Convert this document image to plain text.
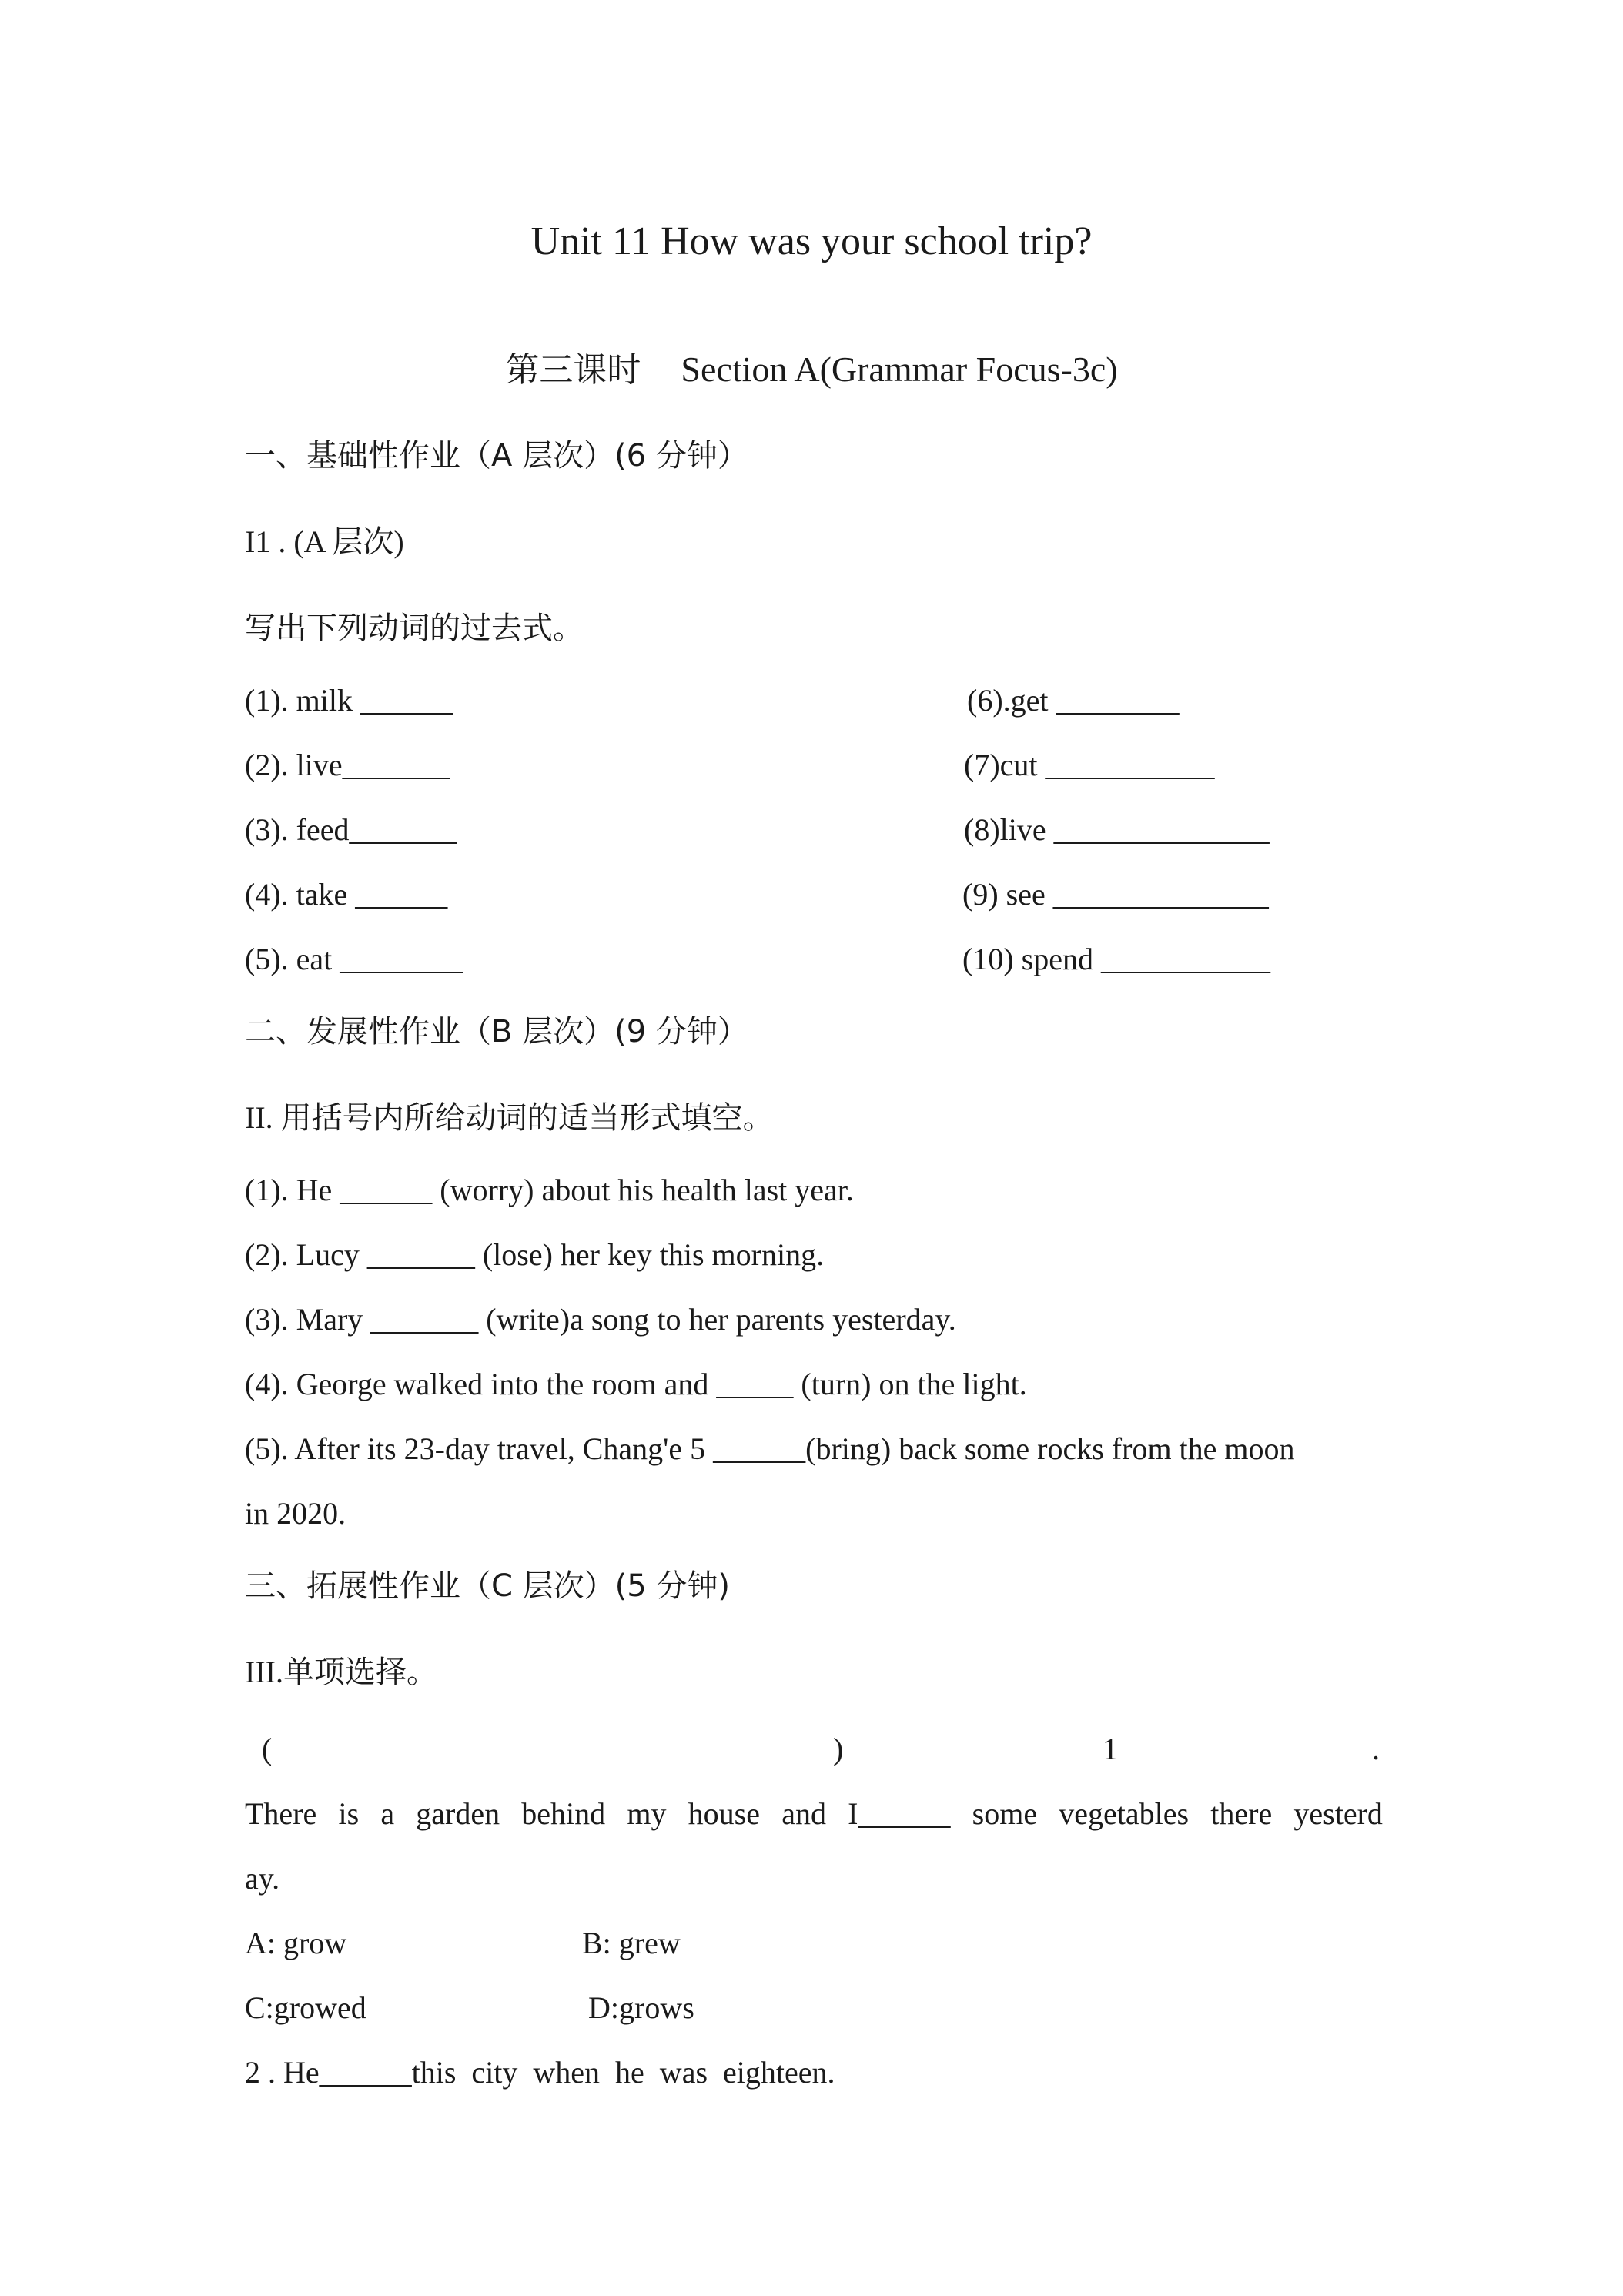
Unit 11 How was your school trip?
第三课时 Section A(Grammar Focus-3c)
一、基础性作业（A 层次）(6 分钟）
I1 . (A 层次)
写出下列动词的过去式。
(1). milk ______
(2). live_______
(3). feed_______
(4). take ______
(5). eat ________
(6).get ________
(7)cut ___________
(8)live ______________
(9) see ______________
(10) spend ___________
二、发展性作业（B 层次）(9 分钟）
II. 用括号内所给动词的适当形式填空。
(1). He ______ (worry) about his health last year.
(2). Lucy _______ (lose) her key this morning.
(3). Mary _______ (write)a song to her parents yesterday.
(4). George walked into the room and _____ (turn) on the light.
(5). After its 23-day travel, Chang'e 5 ______(bring) back some rocks from the moon
in 2020.
三、拓展性作业（C 层次）(5 分钟)
III.单项选择。
(	)	1	.
There is a garden behind my house and I______ some vegetables there yesterd
ay.
A: grow	B: grew
C:growed	D:grows
2 . He______this  city  when  he  was  eighteen.
